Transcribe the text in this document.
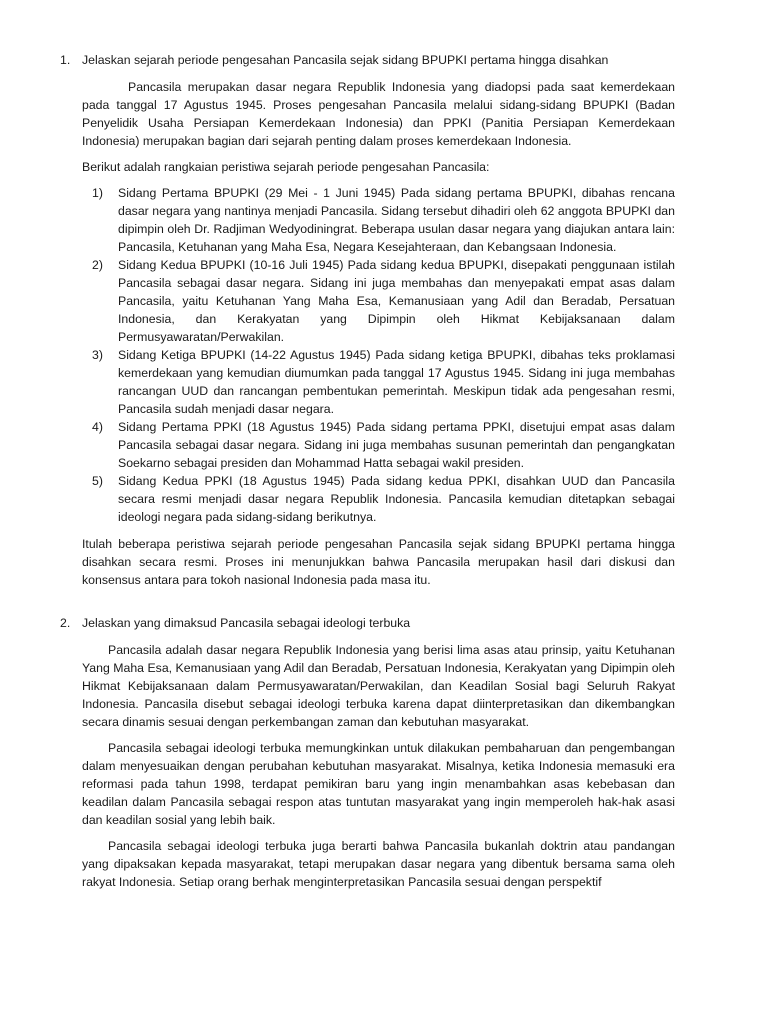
1. Jelaskan sejarah periode pengesahan Pancasila sejak sidang BPUPKI pertama hingga disahkan

Pancasila merupakan dasar negara Republik Indonesia yang diadopsi pada saat kemerdekaan pada tanggal 17 Agustus 1945. Proses pengesahan Pancasila melalui sidang-sidang BPUPKI (Badan Penyelidik Usaha Persiapan Kemerdekaan Indonesia) dan PPKI (Panitia Persiapan Kemerdekaan Indonesia) merupakan bagian dari sejarah penting dalam proses kemerdekaan Indonesia.

Berikut adalah rangkaian peristiwa sejarah periode pengesahan Pancasila:

1)	Sidang Pertama BPUPKI (29 Mei - 1 Juni 1945) Pada sidang pertama BPUPKI, dibahas rencana dasar negara yang nantinya menjadi Pancasila. Sidang tersebut dihadiri oleh 62 anggota BPUPKI dan dipimpin oleh Dr. Radjiman Wedyodiningrat. Beberapa usulan dasar negara yang diajukan antara lain: Pancasila, Ketuhanan yang Maha Esa, Negara Kesejahteraan, dan Kebangsaan Indonesia.
2)	Sidang Kedua BPUPKI (10-16 Juli 1945) Pada sidang kedua BPUPKI, disepakati penggunaan istilah Pancasila sebagai dasar negara. Sidang ini juga membahas dan menyepakati empat asas dalam Pancasila, yaitu Ketuhanan Yang Maha Esa, Kemanusiaan yang Adil dan Beradab, Persatuan Indonesia, dan Kerakyatan yang Dipimpin oleh Hikmat Kebijaksanaan dalam Permusyawaratan/Perwakilan.
3)	Sidang Ketiga BPUPKI (14-22 Agustus 1945) Pada sidang ketiga BPUPKI, dibahas teks proklamasi kemerdekaan yang kemudian diumumkan pada tanggal 17 Agustus 1945. Sidang ini juga membahas rancangan UUD dan rancangan pembentukan pemerintah. Meskipun tidak ada pengesahan resmi, Pancasila sudah menjadi dasar negara.
4)	Sidang Pertama PPKI (18 Agustus 1945) Pada sidang pertama PPKI, disetujui empat asas dalam Pancasila sebagai dasar negara. Sidang ini juga membahas susunan pemerintah dan pengangkatan Soekarno sebagai presiden dan Mohammad Hatta sebagai wakil presiden.
5)	Sidang Kedua PPKI (18 Agustus 1945) Pada sidang kedua PPKI, disahkan UUD dan Pancasila secara resmi menjadi dasar negara Republik Indonesia. Pancasila kemudian ditetapkan sebagai ideologi negara pada sidang-sidang berikutnya.

Itulah beberapa peristiwa sejarah periode pengesahan Pancasila sejak sidang BPUPKI pertama hingga disahkan secara resmi. Proses ini menunjukkan bahwa Pancasila merupakan hasil dari diskusi dan konsensus antara para tokoh nasional Indonesia pada masa itu.

2. Jelaskan yang dimaksud Pancasila sebagai ideologi terbuka

Pancasila adalah dasar negara Republik Indonesia yang berisi lima asas atau prinsip, yaitu Ketuhanan Yang Maha Esa, Kemanusiaan yang Adil dan Beradab, Persatuan Indonesia, Kerakyatan yang Dipimpin oleh Hikmat Kebijaksanaan dalam Permusyawaratan/Perwakilan, dan Keadilan Sosial bagi Seluruh Rakyat Indonesia. Pancasila disebut sebagai ideologi terbuka karena dapat diinterpretasikan dan dikembangkan secara dinamis sesuai dengan perkembangan zaman dan kebutuhan masyarakat.

Pancasila sebagai ideologi terbuka memungkinkan untuk dilakukan pembaharuan dan pengembangan dalam menyesuaikan dengan perubahan kebutuhan masyarakat. Misalnya, ketika Indonesia memasuki era reformasi pada tahun 1998, terdapat pemikiran baru yang ingin menambahkan asas kebebasan dan keadilan dalam Pancasila sebagai respon atas tuntutan masyarakat yang ingin memperoleh hak-hak asasi dan keadilan sosial yang lebih baik.

Pancasila sebagai ideologi terbuka juga berarti bahwa Pancasila bukanlah doktrin atau pandangan yang dipaksakan kepada masyarakat, tetapi merupakan dasar negara yang dibentuk bersama sama oleh rakyat Indonesia. Setiap orang berhak menginterpretasikan Pancasila sesuai dengan perspektif
